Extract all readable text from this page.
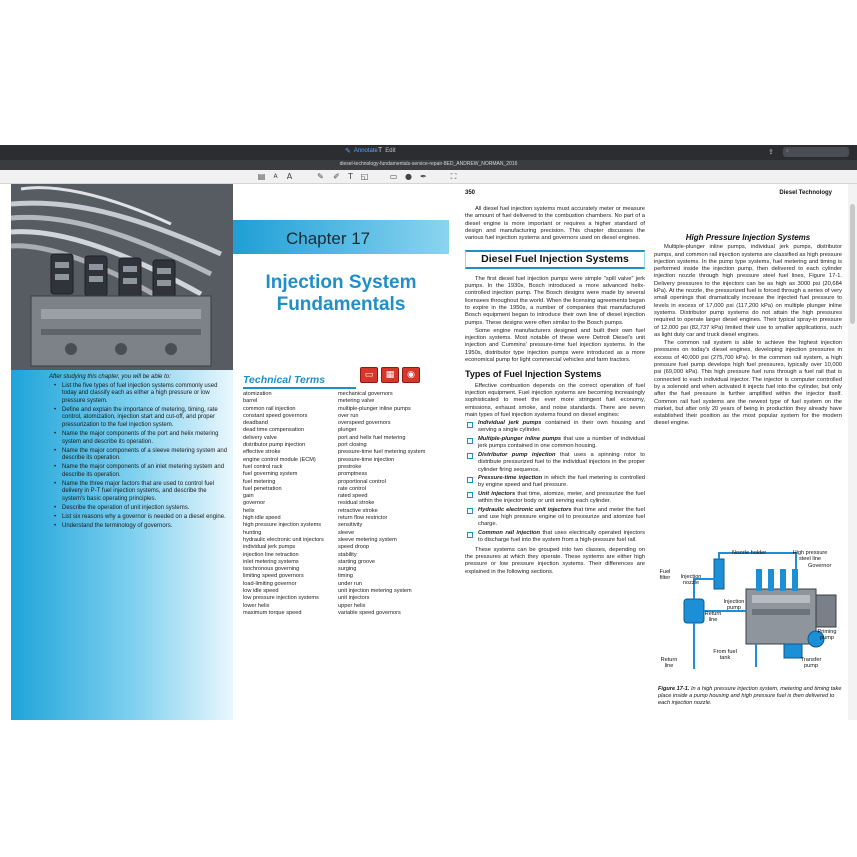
✎ Annotate T Edit	⇪	⌕
diesel-technology-fundamentals-service-repair-8ED_ANDREW_NORMAN_2016
▤	A	A	✎ ✐ T ◱	▭ ● ✒	⛶
Chapter 17
Injection System
Fundamentals
After studying this chapter, you will be able to:
• List the five types of fuel injection systems commonly used today and classify each as either a high pressure or low pressure system.
• Define and explain the importance of metering, timing, rate control, atomization, injection start and cut-off, and proper pressurization to the fuel injection system.
• Name the major components of the port and helix metering system and describe its operation.
• Name the major components of a sleeve metering system and describe its operation.
• Name the major components of an inlet metering system and describe its operation.
• Name the three major factors that are used to control fuel delivery in P-T fuel injection systems, and describe the system's basic operating principles.
• Describe the operation of unit injection systems.
• List six reasons why a governor is needed on a diesel engine.
• Understand the terminology of governors.
Technical Terms	▭	▦	◉
atomization
barrel
common rail injection
constant speed governors
deadband
dead time compensation
delivery valve
distributor pump injection
effective stroke
engine control module (ECM)
fuel control rack
fuel governing system
fuel metering
fuel penetration
gain
governor
helix
high idle speed
high pressure injection systems
hunting
hydraulic electronic unit injectors
individual jerk pumps
injection line retraction
inlet metering systems
isochronous governing
limiting speed governors
load-limiting governor
low idle speed
low pressure injection systems
lower helix
maximum torque speed
mechanical governors
metering valve
multiple-plunger inline pumps
over run
overspeed governors
plunger
port and helix fuel metering
port closing
pressure-time fuel metering system
pressure-time injection
prestroke
promptness
proportional control
rate control
rated speed
residual stroke
retractive stroke
return flow restrictor
sensitivity
sleeve
sleeve metering system
speed droop
stability
starting groove
surging
timing
under run
unit injection metering system
unit injectors
upper helix
variable speed governors
350	Diesel Technology

All diesel fuel injection systems must accurately meter or measure the amount of fuel delivered to the combustion chambers. No part of a diesel engine is more important or requires a higher standard of design and manufacturing precision. This chapter discusses the various fuel injection systems and governors used on diesel engines.

Diesel Fuel Injection Systems

The first diesel fuel injection pumps were simple "spill valve" jerk pumps. In the 1930s, Bosch introduced a more advanced helix-controlled injection pump. The Bosch designs were made by several licensees throughout the world. When the licensing agreements began to expire in the 1950s, a number of companies that manufactured Bosch equipment began to introduce their own line of diesel injection pumps. These designs were often similar to the Bosch pumps.

Some engine manufacturers designed and built their own fuel injection systems. Most notable of these were Detroit Diesel's unit injection and Cummins' pressure-time fuel injection systems. In the 1950s, distributor type injection pumps were introduced as a more economical pump for light commercial vehicles and farm tractors.

Types of Fuel Injection Systems

Effective combustion depends on the correct operation of fuel injection equipment. Fuel injection systems are becoming increasingly sophisticated to meet the ever more stringent fuel economy, emissions, exhaust smoke, and noise standards. There are seven main types of fuel injection systems found on diesel engines:

Individual jerk pumps contained in their own housing and serving a single cylinder.
Multiple-plunger inline pumps that use a number of individual jerk pumps contained in one common housing.
Distributor pump injection that uses a spinning rotor to distribute pressurized fuel to the individual injectors in the proper cylinder firing sequence.
Pressure-time injection in which the fuel metering is controlled by engine speed and fuel pressure.
Unit injectors that time, atomize, meter, and pressurize the fuel within the injector body or unit serving each cylinder.
Hydraulic electronic unit injectors that time and meter the fuel and use high pressure engine oil to pressurize and atomize fuel charge.
Common rail injection that uses electrically operated injectors to discharge fuel into the system from a high-pressure fuel rail.

These systems can be grouped into two classes, depending on the pressures at which they operate. These systems are either high pressure or low pressure injection systems. Their differences are explained in the following sections.

High Pressure Injection Systems

Multiple-plunger inline pumps, individual jerk pumps, distributor pumps, and common rail injection systems are classified as high pressure injection systems. In the pump type systems, fuel metering and timing is performed inside the injection pump, then delivered to each cylinder injection nozzle through high pressure steel fuel lines, Figure 17-1. Delivery pressures to the injectors can be as high as 3000 psi (20,684 kPa). At the nozzle, the pressurized fuel is forced through a series of very small openings that dramatically increase the injected fuel pressure to levels in excess of 17,000 psi (117,200 kPa) on multiple plunger inline systems. Distributor pump systems do not attain the high pressures required to operate larger diesel engines. Their typical spray-in pressure of 12,000 psi (82,737 kPa) limited their use to smaller applications, such as light duty car and truck diesel engines.

The common rail system is able to achieve the highest injection pressures on today's diesel engines, developing injection pressures in excess of 40,000 psi (275,700 kPa). In the common rail system, a high pressure fuel pump develops high fuel pressures, typically over 10,000 psi (69,000 kPa). This high pressure fuel runs through a fuel rail that is connected to each individual injector. The injector is computer controlled by a solenoid and when activated it injects fuel into the cylinder, but only after the fuel pressure is further amplified within the injector itself. Common rail fuel systems are the newest type of fuel system on the market, but after only 20 years of being in production they already have established their position as the most popular system for the modern diesel engine.

Nozzle holder	High pressure steel line
Governor
Fuel filter	Injection nozzle
Injection pump
Return line
Priming pump
Return line
From fuel tank	Transfer pump
Figure 17-1. In a high pressure injection system, metering and timing take place inside a pump housing and high pressure fuel is then delivered to each injection nozzle.
